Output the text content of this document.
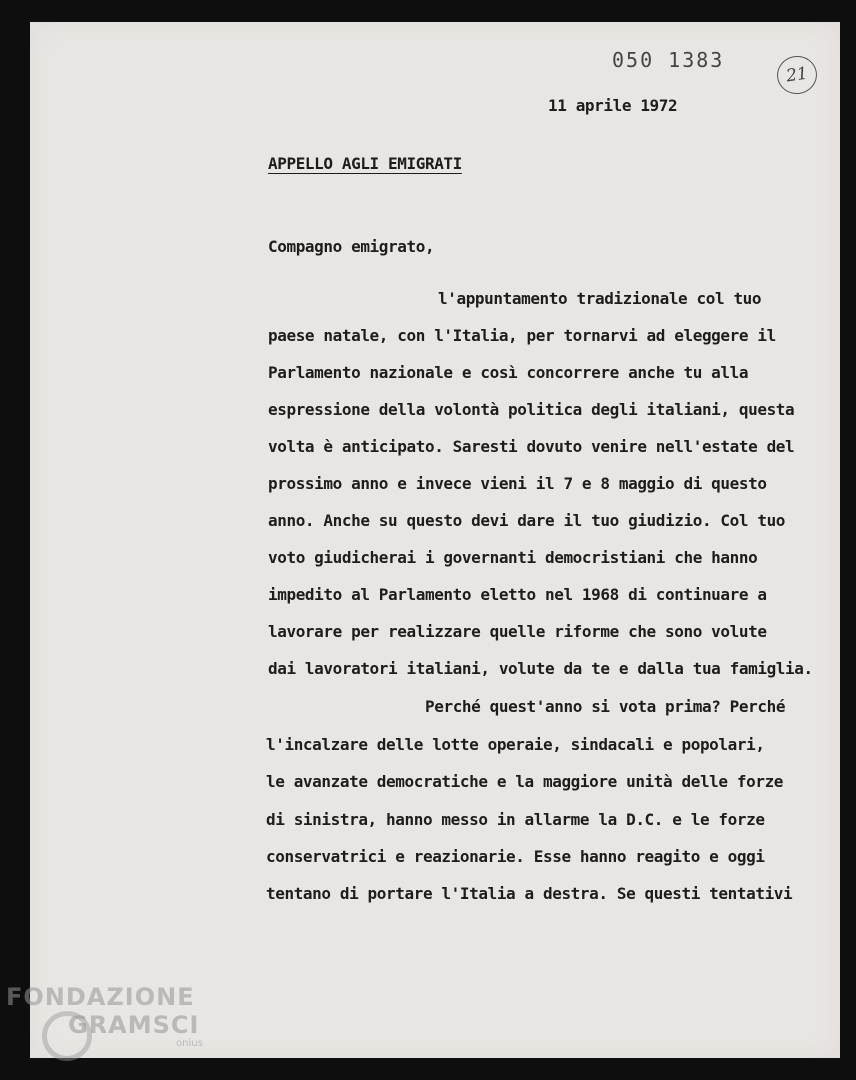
050 1383
21
11 aprile 1972
APPELLO AGLI EMIGRATI
Compagno emigrato,
l'appuntamento tradizionale col tuo
paese natale, con l'Italia, per tornarvi ad eleggere il
Parlamento nazionale e così concorrere anche tu alla
espressione della volontà politica degli italiani, questa
volta è anticipato. Saresti dovuto venire nell'estate del
prossimo anno e invece vieni il 7 e 8 maggio di questo
anno. Anche su questo devi dare il tuo giudizio. Col tuo
voto giudicherai i governanti democristiani che hanno
impedito al Parlamento eletto nel 1968 di continuare a
lavorare per realizzare quelle riforme che sono volute
dai lavoratori italiani, volute da te e dalla tua famiglia.
Perché quest'anno si vota prima? Perché
l'incalzare delle lotte operaie, sindacali e popolari,
le avanzate democratiche e la maggiore unità delle forze
di sinistra, hanno messo in allarme la D.C. e le forze
conservatrici e reazionarie. Esse hanno reagito e oggi
tentano di portare l'Italia a destra. Se questi tentativi
FONDAZIONE
GRAMSCI
onlus
